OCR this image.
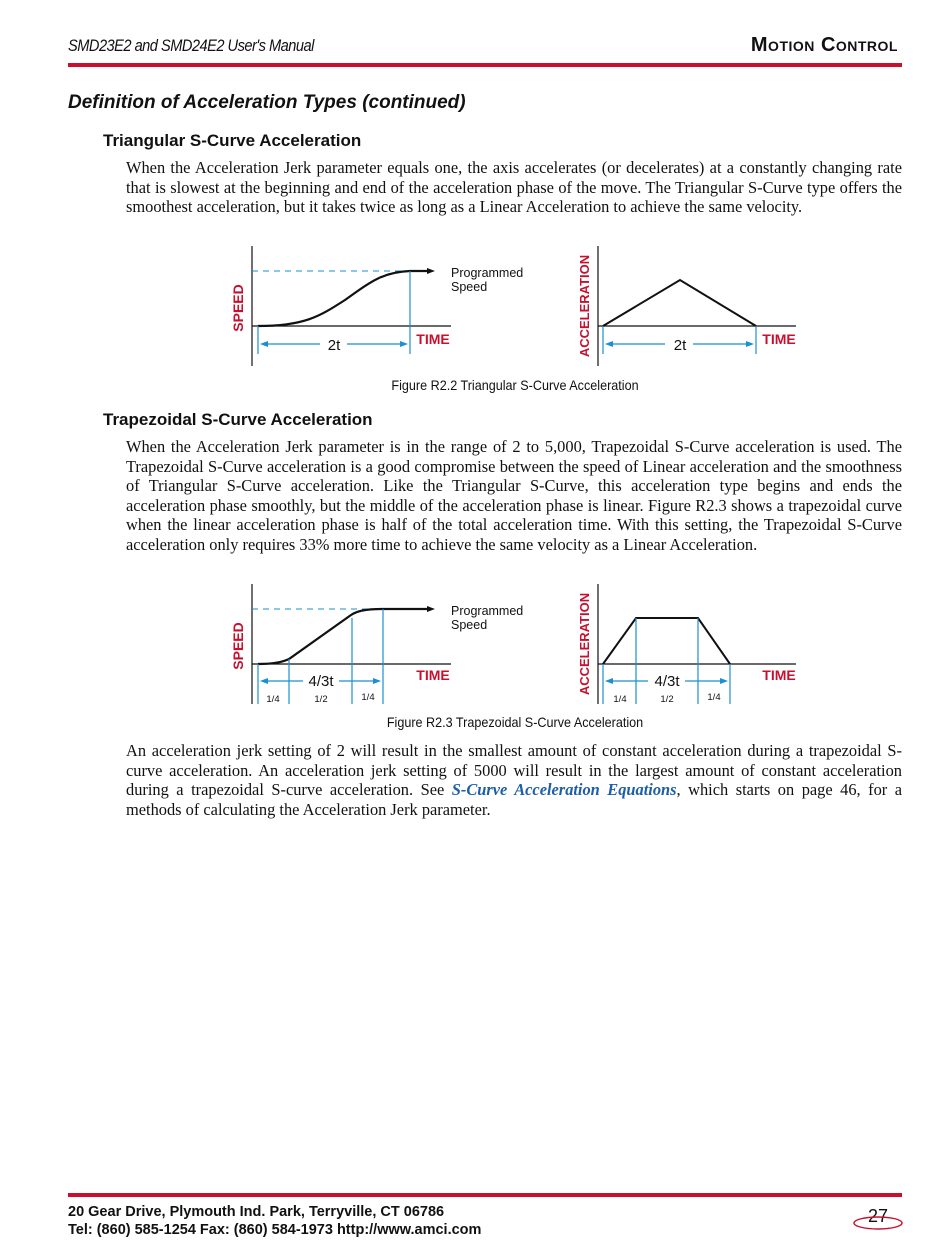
SMD23E2 and SMD24E2 User's Manual	Motion Control
Definition of Acceleration Types (continued)
Triangular S-Curve Acceleration
When the Acceleration Jerk parameter equals one, the axis accelerates (or decelerates) at a constantly changing rate that is slowest at the beginning and end of the acceleration phase of the move. The Triangular S-Curve type offers the smoothest acceleration, but it takes twice as long as a Linear Acceleration to achieve the same velocity.
2t	TIME
SPEED
Programmed
Speed
2t	TIME
ACCELERATION
Figure R2.2 Triangular S-Curve Acceleration
Trapezoidal S-Curve Acceleration
When the Acceleration Jerk parameter is in the range of 2 to 5,000, Trapezoidal S-Curve acceleration is used. The Trapezoidal S-Curve acceleration is a good compromise between the speed of Linear acceleration and the smoothness of Triangular S-Curve acceleration. Like the Triangular S-Curve, this acceleration type begins and ends the acceleration phase smoothly, but the middle of the acceleration phase is linear. Figure R2.3 shows a trapezoidal curve when the linear acceleration phase is half of the total acceleration time. With this setting, the Trapezoidal S-Curve acceleration only requires 33% more time to achieve the same velocity as a Linear Acceleration.
4/3t
1/4	1/2	1/4
TIME
SPEED
Programmed
Speed
4/3t
1/4	1/2	1/4
TIME
ACCELERATION
Figure R2.3 Trapezoidal S-Curve Acceleration
An acceleration jerk setting of 2 will result in the smallest amount of constant acceleration during a trapezoidal S-curve acceleration. An acceleration jerk setting of 5000 will result in the largest amount of constant acceleration during a trapezoidal S-curve acceleration. See S-Curve Acceleration Equations, which starts on page 46, for a methods of calculating the Acceleration Jerk parameter.
20 Gear Drive, Plymouth Ind. Park, Terryville, CT 06786
Tel: (860) 585-1254 Fax: (860) 584-1973 http://www.amci.com
27
